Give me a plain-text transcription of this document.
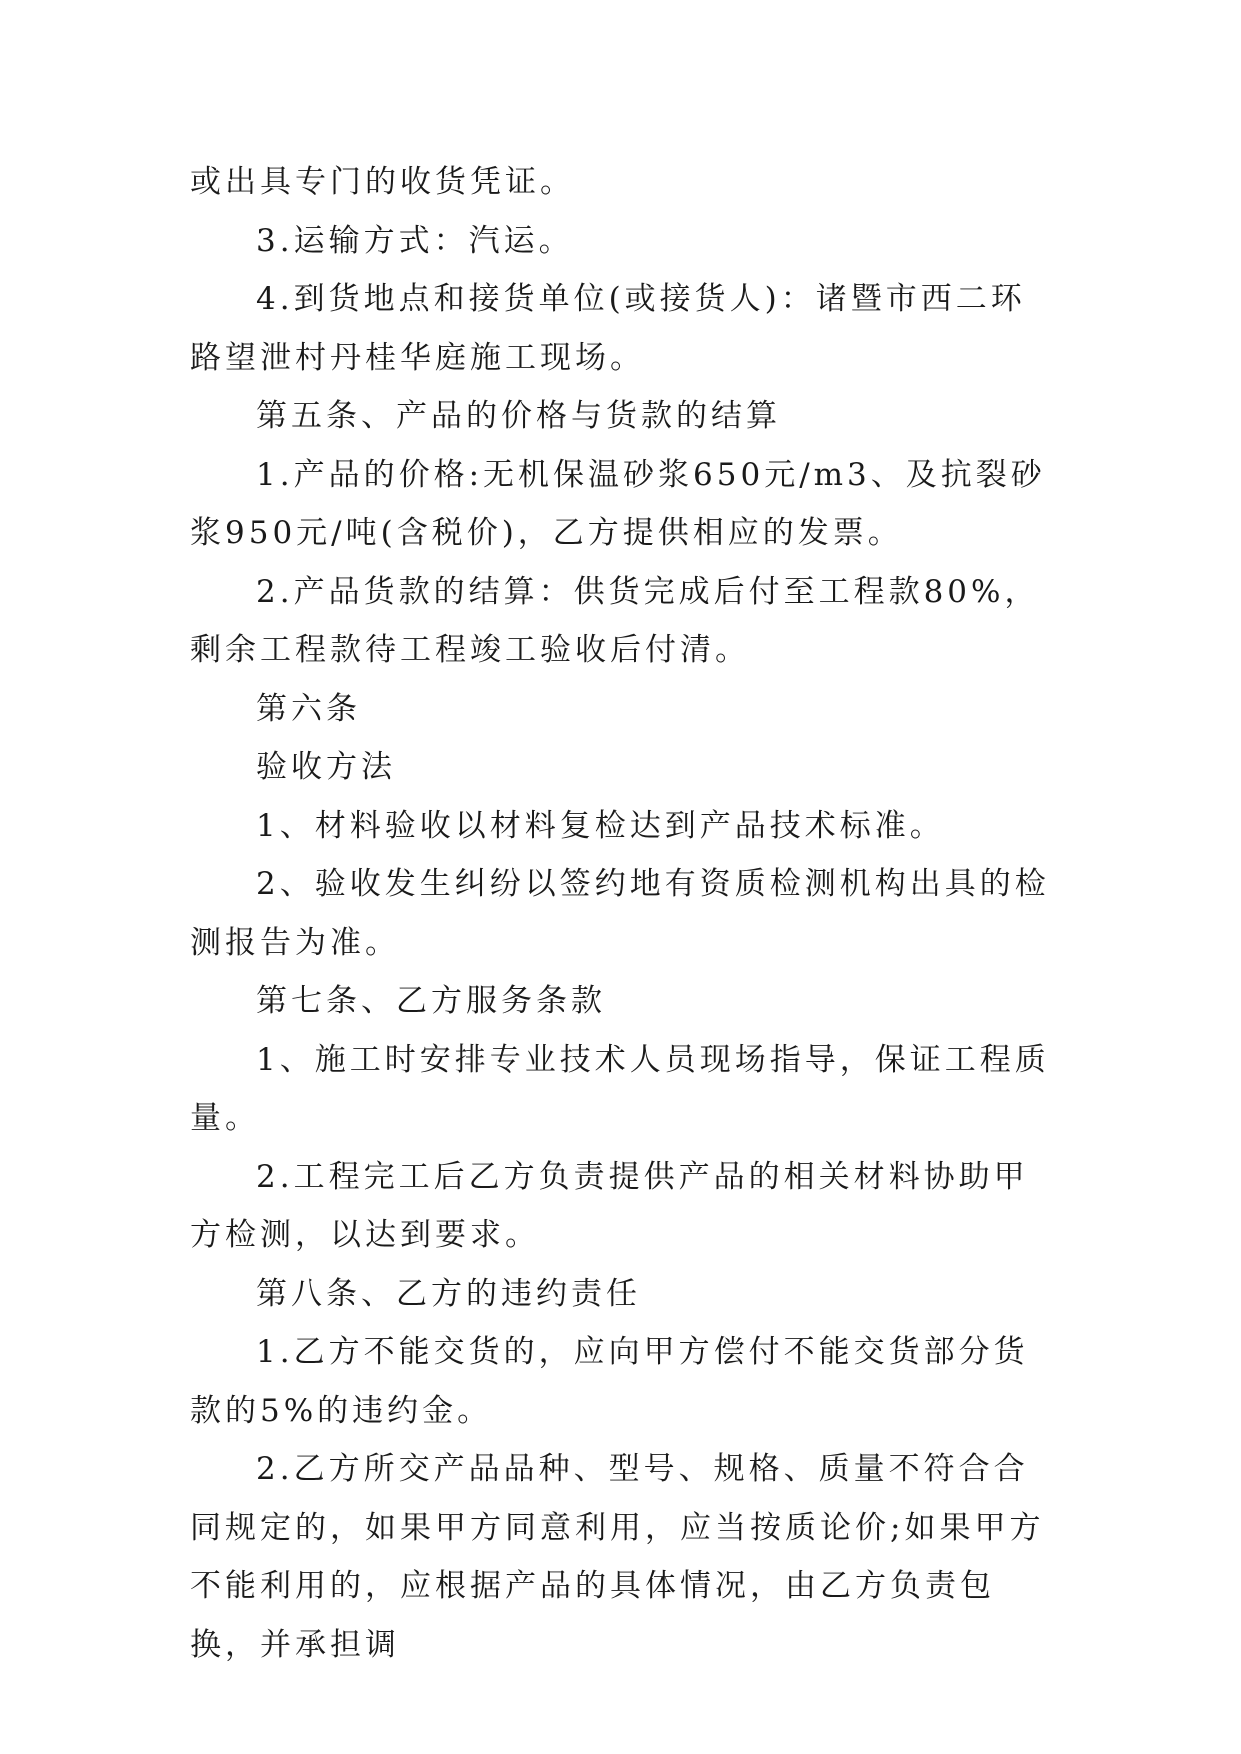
或出具专门的收货凭证。

3.运输方式：汽运。

4.到货地点和接货单位(或接货人)：诸暨市西二环路望泄村丹桂华庭施工现场。

第五条、产品的价格与货款的结算

1.产品的价格:无机保温砂浆650元/m3、及抗裂砂浆950元/吨(含税价)，乙方提供相应的发票。

2.产品货款的结算：供货完成后付至工程款80%，剩余工程款待工程竣工验收后付清。

第六条

验收方法

1、材料验收以材料复检达到产品技术标准。

2、验收发生纠纷以签约地有资质检测机构出具的检测报告为准。

第七条、乙方服务条款

1、施工时安排专业技术人员现场指导，保证工程质量。

2.工程完工后乙方负责提供产品的相关材料协助甲方检测，以达到要求。

第八条、乙方的违约责任

1.乙方不能交货的，应向甲方偿付不能交货部分货款的5%的违约金。

2.乙方所交产品品种、型号、规格、质量不符合合同规定的，如果甲方同意利用，应当按质论价;如果甲方不能利用的，应根据产品的具体情况，由乙方负责包换，并承担调
